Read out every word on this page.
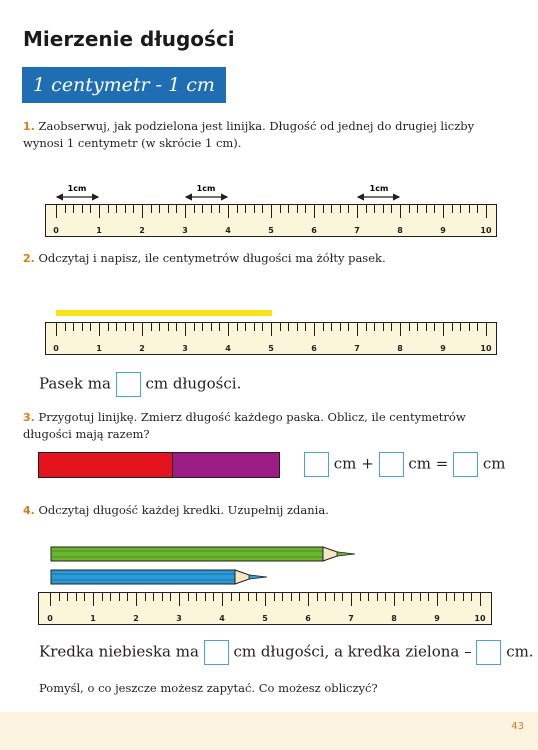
Mierzenie długości
1 centymetr - 1 cm
1. Zaobserwuj, jak podzielona jest linijka. Długość od jednej do drugiej liczby wynosi 1 centymetr (w skrócie 1 cm).
1cm	1cm	1cm
0	1	2	3	4	5	6	7	8	9	10
2. Odczytaj i napisz, ile centymetrów długości ma żółty pasek.
0	1	2	3	4	5	6	7	8	9	10
Pasek ma cm długości.
3. Przygotuj linijkę. Zmierz długość każdego paska. Oblicz, ile centymetrów długości mają razem?
cm + cm = cm
4. Odczytaj długość każdej kredki. Uzupełnij zdania.
0	1	2	3	4	5	6	7	8	9	10
Kredka niebieska ma cm długości, a kredka zielona – cm.
Pomyśl, o co jeszcze możesz zapytać. Co możesz obliczyć?
43
